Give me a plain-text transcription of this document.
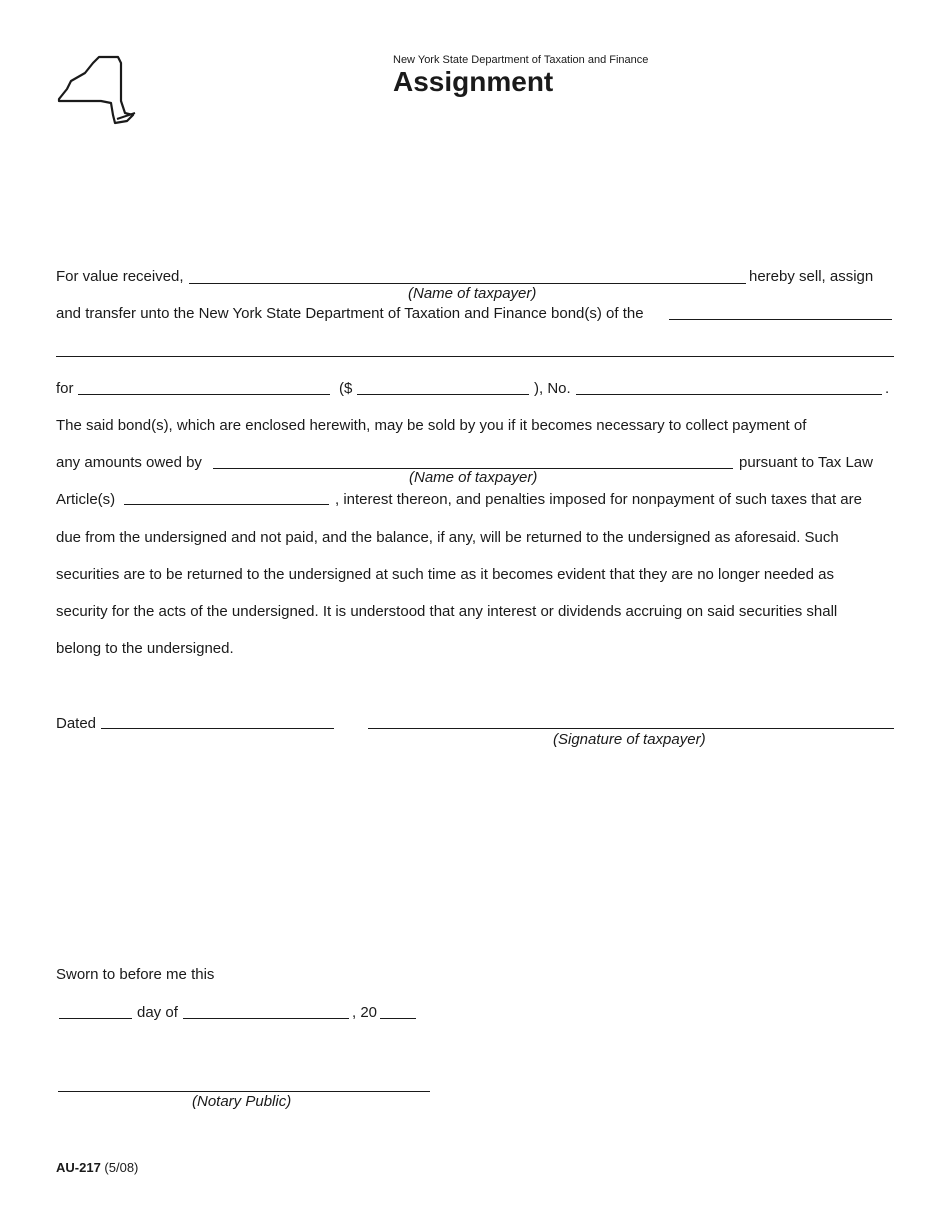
New York State Department of Taxation and Finance
Assignment
For value received,	hereby sell, assign
(Name of taxpayer)
and transfer unto the New York State Department of Taxation and Finance bond(s) of the
for	($	), No.	.
The said bond(s), which are enclosed herewith, may be sold by you if it becomes necessary to collect payment of
any amounts owed by	pursuant to Tax Law
(Name of taxpayer)
Article(s)	, interest thereon, and penalties imposed for nonpayment of such taxes that are
due from the undersigned and not paid, and the balance, if any, will be returned to the undersigned as aforesaid. Such
securities are to be returned to the undersigned at such time as it becomes evident that they are no longer needed as
security for the acts of the undersigned. It is understood that any interest or dividends accruing on said securities shall
belong to the undersigned.
Dated
(Signature of taxpayer)
Sworn to before me this
day of	, 20
(Notary Public)
AU-217 (5/08)
